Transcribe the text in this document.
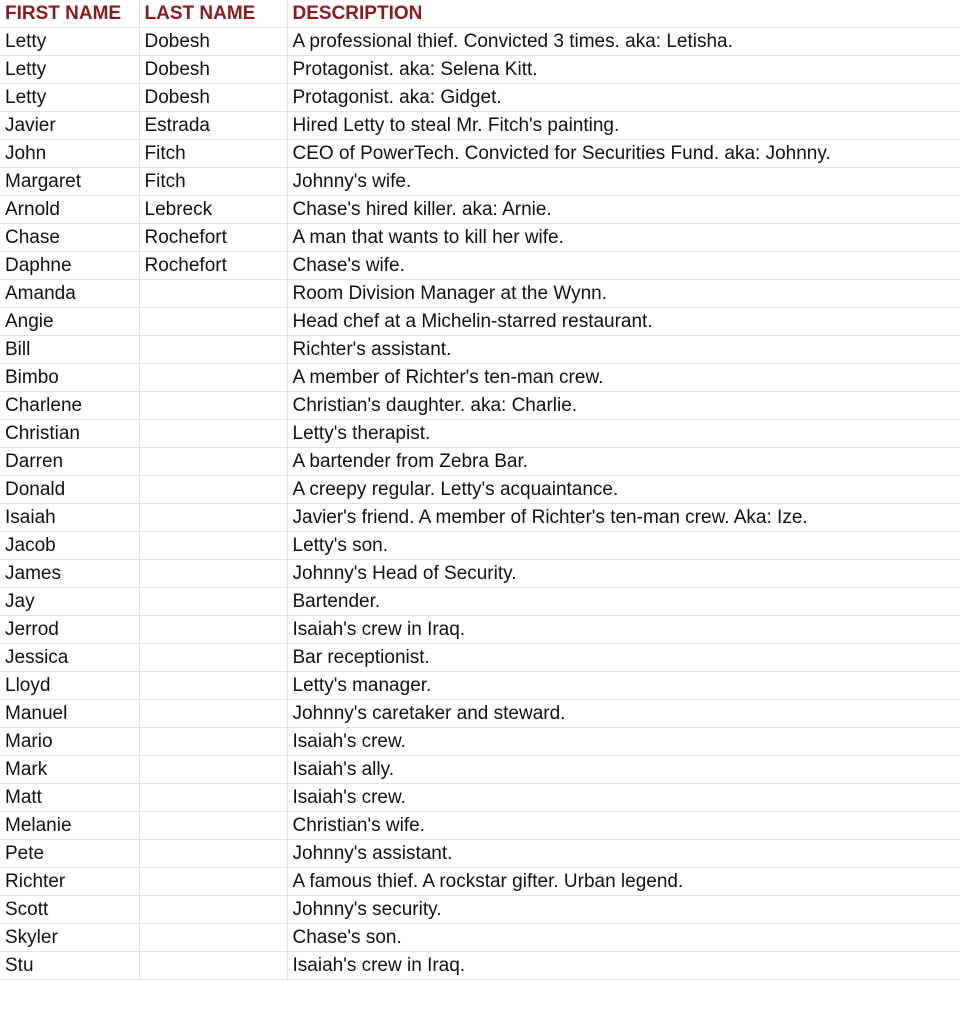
FIRST NAME	LAST NAME	DESCRIPTION
Letty	Dobesh	A professional thief. Convicted 3 times. aka: Letisha.
Letty	Dobesh	Protagonist. aka: Selena Kitt.
Letty	Dobesh	Protagonist. aka: Gidget.
Javier	Estrada	Hired Letty to steal Mr. Fitch's painting.
John	Fitch	CEO of PowerTech. Convicted for Securities Fund. aka: Johnny.
Margaret	Fitch	Johnny's wife.
Arnold	Lebreck	Chase's hired killer. aka: Arnie.
Chase	Rochefort	A man that wants to kill her wife.
Daphne	Rochefort	Chase's wife.
Amanda		Room Division Manager at the Wynn.
Angie		Head chef at a Michelin-starred restaurant.
Bill		Richter's assistant.
Bimbo		A member of Richter's ten-man crew.
Charlene		Christian's daughter. aka: Charlie.
Christian		Letty's therapist.
Darren		A bartender from Zebra Bar.
Donald		A creepy regular. Letty's acquaintance.
Isaiah		Javier's friend. A member of Richter's ten-man crew. Aka: Ize.
Jacob		Letty's son.
James		Johnny's Head of Security.
Jay		Bartender.
Jerrod		Isaiah's crew in Iraq.
Jessica		Bar receptionist.
Lloyd		Letty's manager.
Manuel		Johnny's caretaker and steward.
Mario		Isaiah's crew.
Mark		Isaiah's ally.
Matt		Isaiah's crew.
Melanie		Christian's wife.
Pete		Johnny's assistant.
Richter		A famous thief. A rockstar gifter. Urban legend.
Scott		Johnny's security.
Skyler		Chase's son.
Stu		Isaiah's crew in Iraq.
